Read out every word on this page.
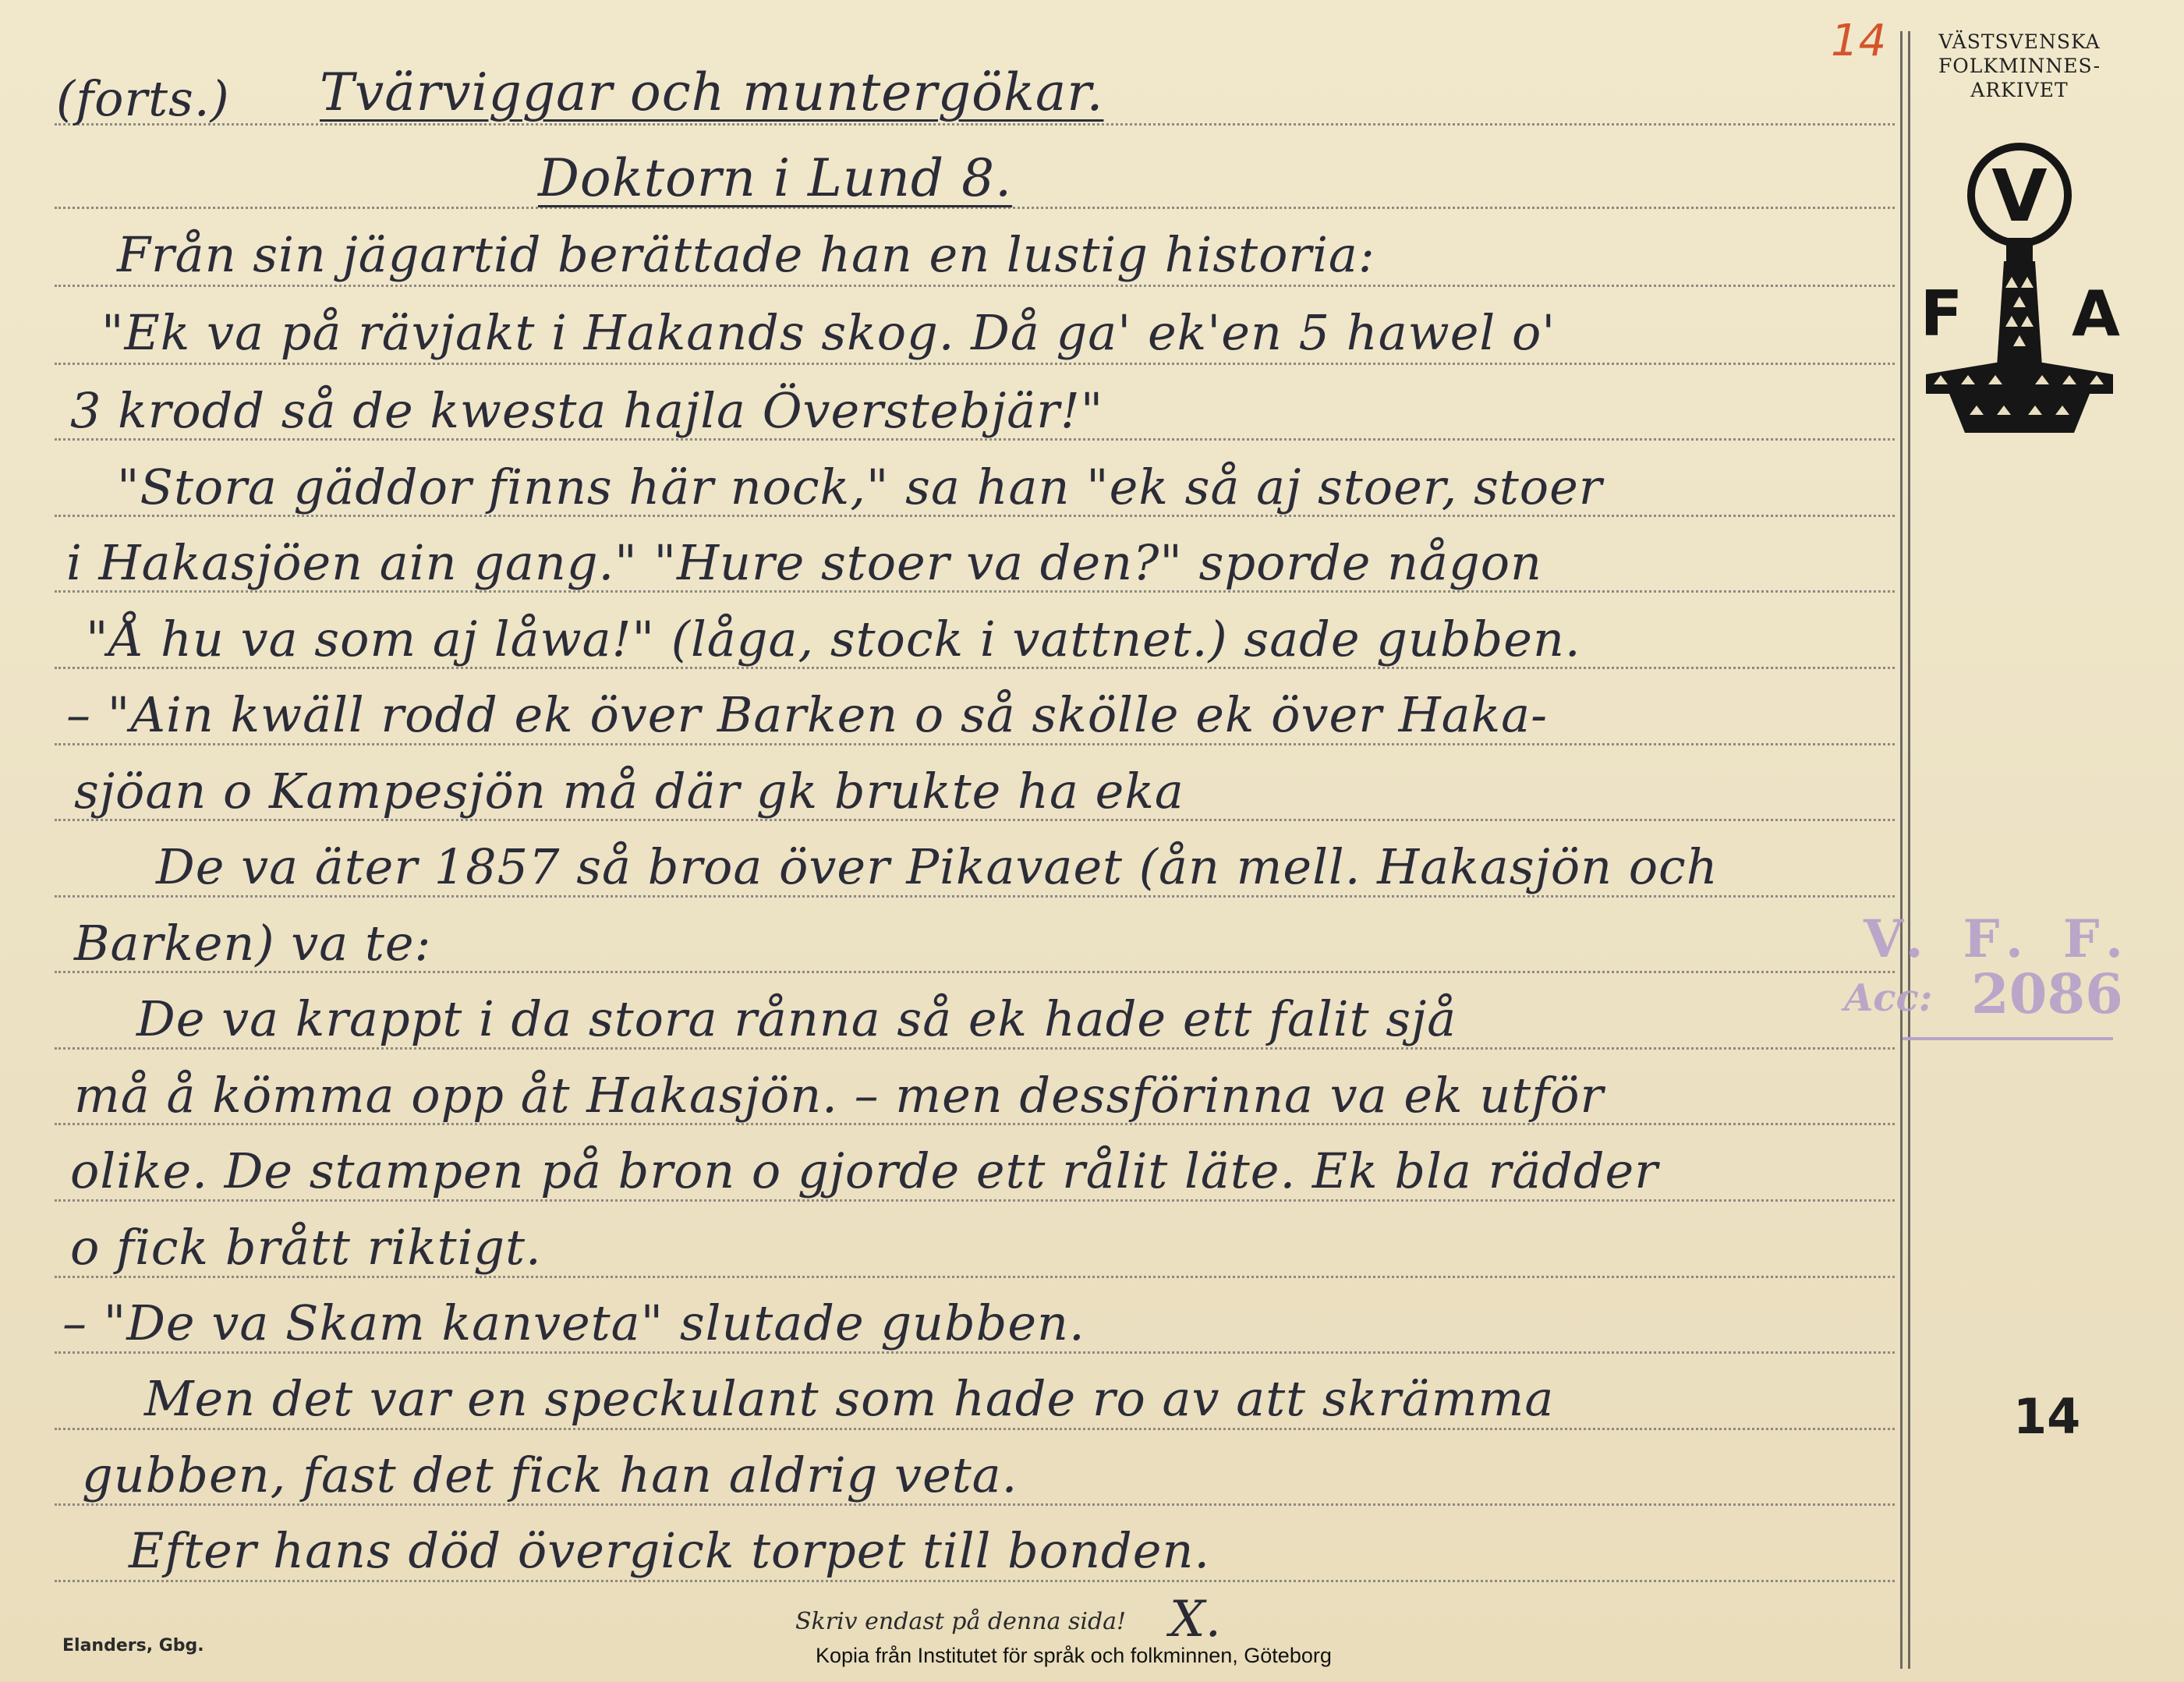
VÄSTSVENSKA
FOLKMINNES-
ARKIVET
V
F A
14
(forts.) Tvärviggar och muntergökar.
Doktorn i Lund 8.
Från sin jägartid berättade han en lustig historia:
"Ek va på rävjakt i Hakands skog. Då ga' ek'en 5 hawel o'
3 krodd så de kwesta hajla Överstebjär!"
"Stora gäddor finns här nock," sa han "ek så aj stoer, stoer
i Hakasjöen ain gang." "Hure stoer va den?" sporde någon
"Å hu va som aj låwa!" (låga, stock i vattnet.) sade gubben.
– "Ain kwäll rodd ek över Barken o så skölle ek över Haka-
sjöan o Kampesjön må där gk brukte ha eka
De va äter 1857 så broa över Pikavaet (ån mell. Hakasjön och
Barken) va te:
De va krappt i da stora rånna så ek hade ett falit sjå
må å kömma opp åt Hakasjön. – men dessförinna va ek utför
olike. De stampen på bron o gjorde ett rålit läte. Ek bla rädder
o fick brått riktigt.
– "De va Skam kanveta" slutade gubben.
Men det var en speckulant som hade ro av att skrämma
gubben, fast det fick han aldrig veta.
Efter hans död övergick torpet till bonden.
V. F. F.
Acc: 2086
14
Elanders, Gbg.
Skriv endast på denna sida! X.
Kopia från Institutet för språk och folkminnen, Göteborg
